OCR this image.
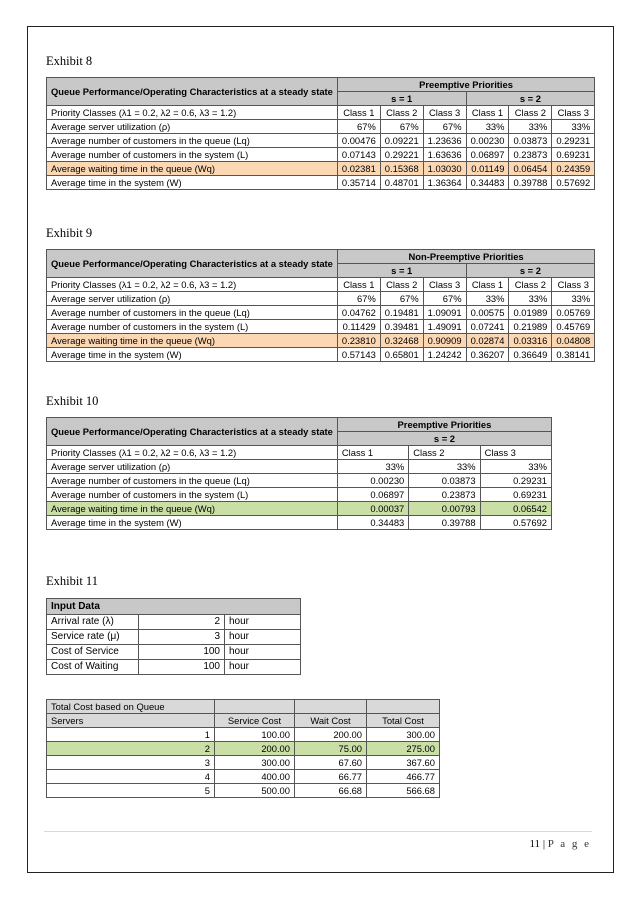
Exhibit 8
Queue Performance/Operating Characteristics at a steady state	Preemptive Priorities					
	s = 1			s = 2		
Priority Classes (λ1 = 0.2, λ2 = 0.6, λ3 = 1.2)	Class 1	Class 2	Class 3	Class 1	Class 2	Class 3
Average server utilization (ρ)	67%	67%	67%	33%	33%	33%
Average number of customers in the queue (Lq)	0.00476	0.09221	1.23636	0.00230	0.03873	0.29231
Average number of customers in the system (L)	0.07143	0.29221	1.63636	0.06897	0.23873	0.69231
Average waiting time in the queue (Wq)	0.02381	0.15368	1.03030	0.01149	0.06454	0.24359
Average time in the system (W)	0.35714	0.48701	1.36364	0.34483	0.39788	0.57692
Exhibit 9
Queue Performance/Operating Characteristics at a steady state	Non-Preemptive Priorities					
	s = 1			s = 2		
Priority Classes (λ1 = 0.2, λ2 = 0.6, λ3 = 1.2)	Class 1	Class 2	Class 3	Class 1	Class 2	Class 3
Average server utilization (ρ)	67%	67%	67%	33%	33%	33%
Average number of customers in the queue (Lq)	0.04762	0.19481	1.09091	0.00575	0.01989	0.05769
Average number of customers in the system (L)	0.11429	0.39481	1.49091	0.07241	0.21989	0.45769
Average waiting time in the queue (Wq)	0.23810	0.32468	0.90909	0.02874	0.03316	0.04808
Average time in the system (W)	0.57143	0.65801	1.24242	0.36207	0.36649	0.38141
Exhibit 10
Queue Performance/Operating Characteristics at a steady state	Preemptive Priorities		
	s = 2		
Priority Classes (λ1 = 0.2, λ2 = 0.6, λ3 = 1.2)	Class 1	Class 2	Class 3
Average server utilization (ρ)	33%	33%	33%
Average number of customers in the queue (Lq)	0.00230	0.03873	0.29231
Average number of customers in the system (L)	0.06897	0.23873	0.69231
Average waiting time in the queue (Wq)	0.00037	0.00793	0.06542
Average time in the system (W)	0.34483	0.39788	0.57692
Exhibit 11
Input Data		
Arrival rate (λ)	2	hour
Service rate (μ)	3	hour
Cost of Service	100	hour
Cost of Waiting	100	hour
Total Cost based on Queue			
Servers	Service Cost	Wait Cost	Total Cost
1	100.00	200.00	300.00
2	200.00	75.00	275.00
3	300.00	67.60	367.60
4	400.00	66.77	466.77
5	500.00	66.68	566.68
11 | P a g e
